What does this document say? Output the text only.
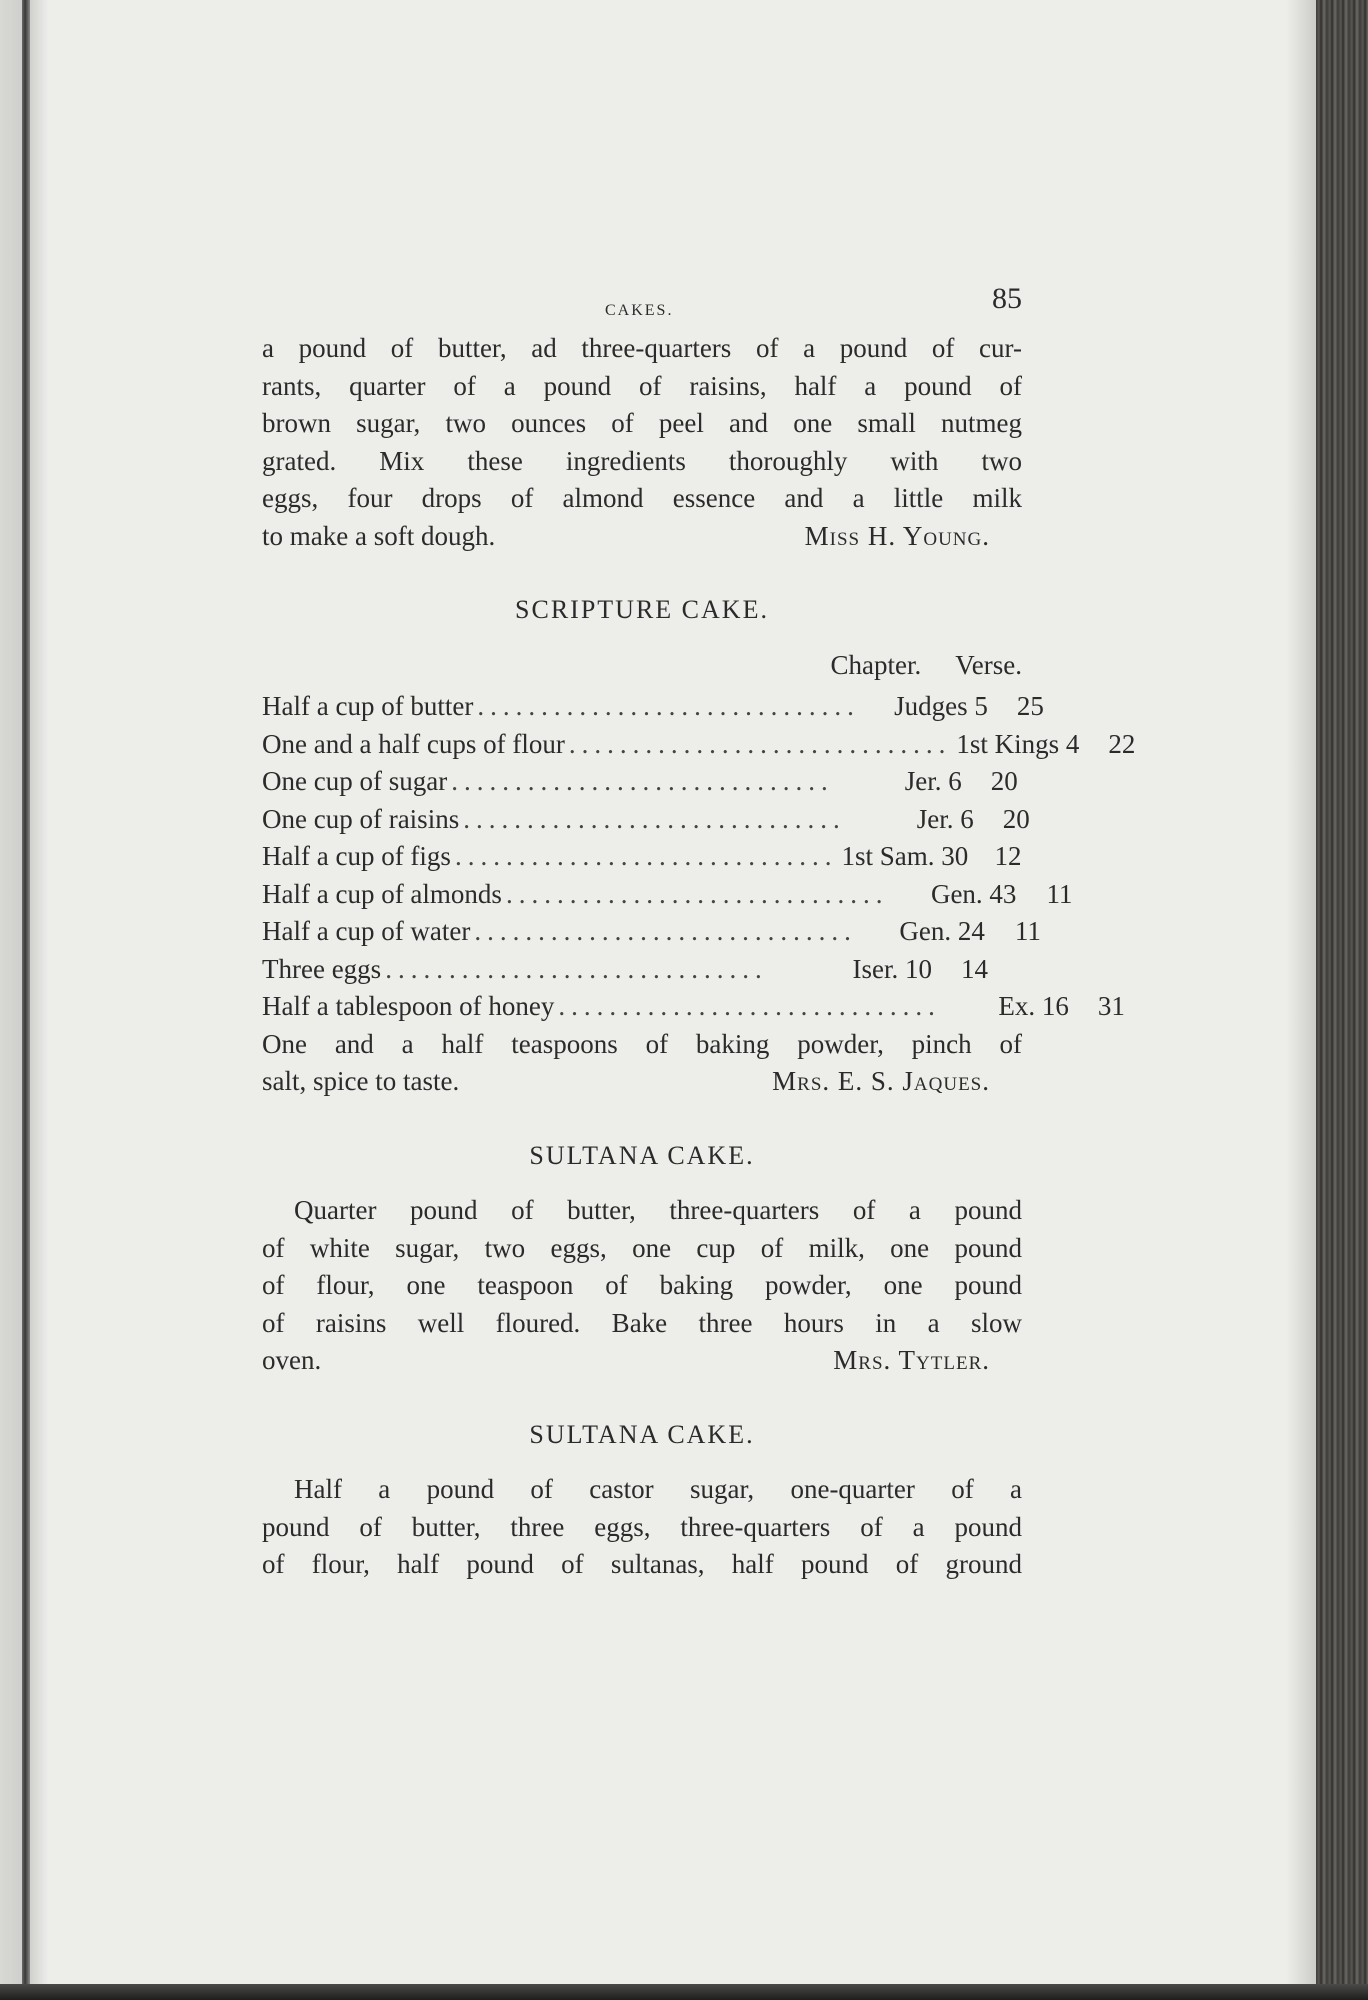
CAKES.	85
a pound of butter, ad three-quarters of a pound of cur-
rants, quarter of a pound of raisins, half a pound of
brown sugar, two ounces of peel and one small nutmeg
grated. Mix these ingredients thoroughly with two
eggs, four drops of almond essence and a little milk
to make a soft dough.	Miss H. Young.
SCRIPTURE CAKE.
Chapter. Verse.
Half a cup of butter ..............................	Judges 5	25
One and a half cups of flour .............................. 1st Kings 4	22
One cup of sugar ..............................	Jer. 6	20
One cup of raisins ..............................	Jer. 6	20
Half a cup of figs .............................. 1st Sam. 30 12
Half a cup of almonds ..............................	Gen. 43	11
Half a cup of water ..............................	Gen. 24	11
Three eggs ..............................	Iser. 10	14
Half a tablespoon of honey ..............................	Ex. 16	31
One and a half teaspoons of baking powder, pinch of
salt, spice to taste.	Mrs. E. S. Jaques.
SULTANA CAKE.
Quarter pound of butter, three-quarters of a pound
of white sugar, two eggs, one cup of milk, one pound
of flour, one teaspoon of baking powder, one pound
of raisins well floured. Bake three hours in a slow
oven.	Mrs. Tytler.
SULTANA CAKE.
Half a pound of castor sugar, one-quarter of a
pound of butter, three eggs, three-quarters of a pound
of flour, half pound of sultanas, half pound of ground
